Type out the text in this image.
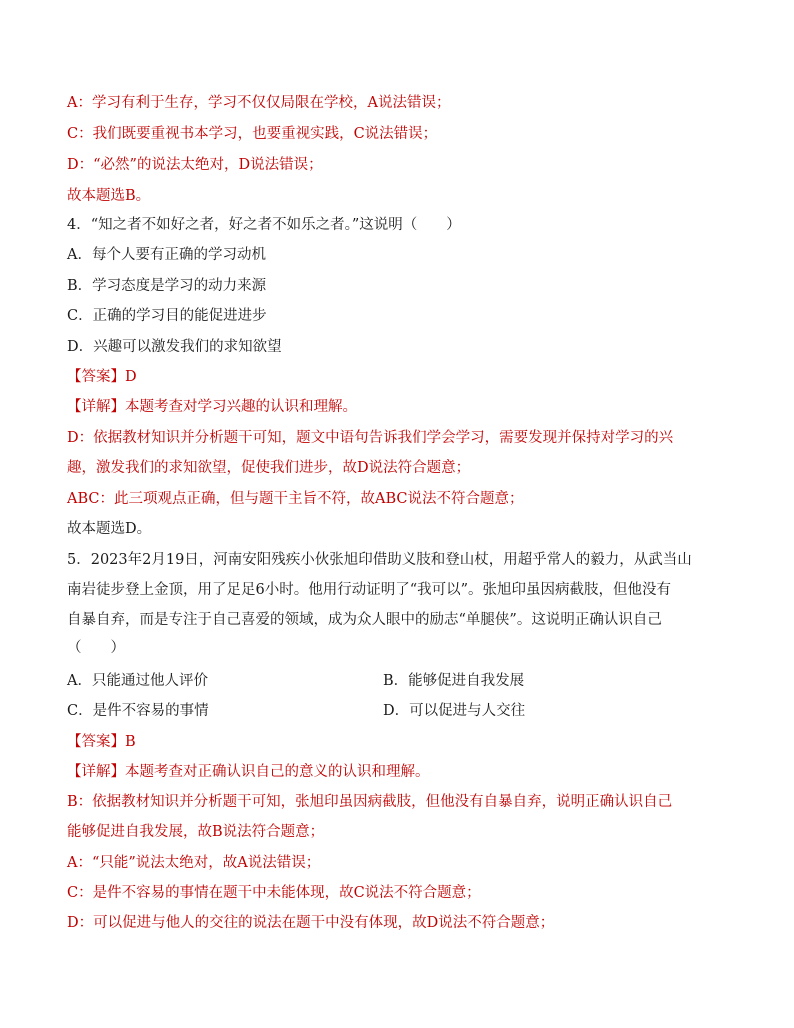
A：学习有利于生存，学习不仅仅局限在学校，A说法错误；
C：我们既要重视书本学习，也要重视实践，C说法错误；
D：“必然”的说法太绝对，D说法错误；
故本题选B。
4．“知之者不如好之者，好之者不如乐之者。”这说明（　　）
A．每个人要有正确的学习动机
B．学习态度是学习的动力来源
C．正确的学习目的能促进进步
D．兴趣可以激发我们的求知欲望
【答案】D
【详解】本题考查对学习兴趣的认识和理解。
D：依据教材知识并分析题干可知，题文中语句告诉我们学会学习，需要发现并保持对学习的兴
趣，激发我们的求知欲望，促使我们进步，故D说法符合题意；
ABC：此三项观点正确，但与题干主旨不符，故ABC说法不符合题意；
故本题选D。
5．2023年2月19日，河南安阳残疾小伙张旭印借助义肢和登山杖，用超乎常人的毅力，从武当山
南岩徒步登上金顶，用了足足6小时。他用行动证明了“我可以”。张旭印虽因病截肢，但他没有
自暴自弃，而是专注于自己喜爱的领域，成为众人眼中的励志“单腿侠”。这说明正确认识自己
（　　）
A．只能通过他人评价	B．能够促进自我发展
C．是件不容易的事情	D．可以促进与人交往
【答案】B
【详解】本题考查对正确认识自己的意义的认识和理解。
B：依据教材知识并分析题干可知，张旭印虽因病截肢，但他没有自暴自弃，说明正确认识自己
能够促进自我发展，故B说法符合题意；
A：“只能”说法太绝对，故A说法错误；
C：是件不容易的事情在题干中未能体现，故C说法不符合题意；
D：可以促进与他人的交往的说法在题干中没有体现，故D说法不符合题意；
